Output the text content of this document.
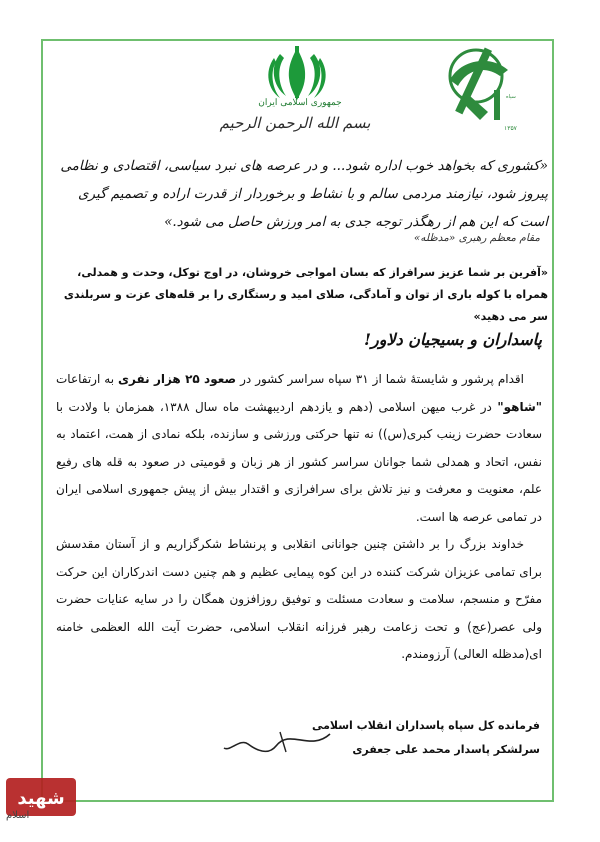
جمهوری اسلامی ایران
سپاه
۱۳۵۷
بسم الله الرحمن الرحیم
«کشوری که بخواهد خوب اداره شود... و در عرصه های نبرد سیاسی، اقتصادی و نظامی پیروز شود، نیازمند مردمی سالم و با نشاط و برخوردار از قدرت اراده و تصمیم گیری است که این هم از رهگذر توجه جدی به امر ورزش حاصل می شود.»
مقام معظم رهبری «مدظله»
«آفرین بر شما عزیز سرافراز که بسان امواجی خروشان، در اوج توکل، وحدت و همدلی، همراه با کوله باری از توان و آمادگی، صلای امید و رستگاری را بر قله‌های عزت و سربلندی سر می دهید»
پاسداران و بسیجیان دلاور!

اقدام پرشور و شایستهٔ شما از ۳۱ سپاه سراسر کشور در صعود ۲۵ هزار نفری به ارتفاعات "شاهو" در غرب میهن اسلامی (دهم و یازدهم اردیبهشت ماه سال ۱۳۸۸، همزمان با ولادت با سعادت حضرت زینب کبری(س)) نه تنها حرکتی ورزشی و سازنده، بلکه نمادی از همت، اعتماد به نفس، اتحاد و همدلی شما جوانان سراسر کشور از هر زبان و قومیتی در صعود به قله های رفیع علم، معنویت و معرفت و نیز تلاش برای سرافرازی و اقتدار بیش از پیش جمهوری اسلامی ایران در تمامی عرصه ها است.

خداوند بزرگ را بر داشتن چنین جوانانی انقلابی و پرنشاط شکرگزاریم و از آستان مقدسش برای تمامی عزیزان شرکت کننده در این کوه پیمایی عظیم و هم چنین دست اندرکاران این حرکت مفرّح و منسجم، سلامت و سعادت مسئلت و توفیق روزافزون همگان را در سایه عنایات حضرت ولی عصر(عج) و تحت زعامت رهبر فرزانه انقلاب اسلامی، حضرت آیت الله العظمی خامنه ای(مدظله العالی) آرزومندم.

فرمانده کل سپاه پاسداران انقلاب اسلامی
سرلشکر پاسدار محمد علی جعفری
شهید
اسلام
